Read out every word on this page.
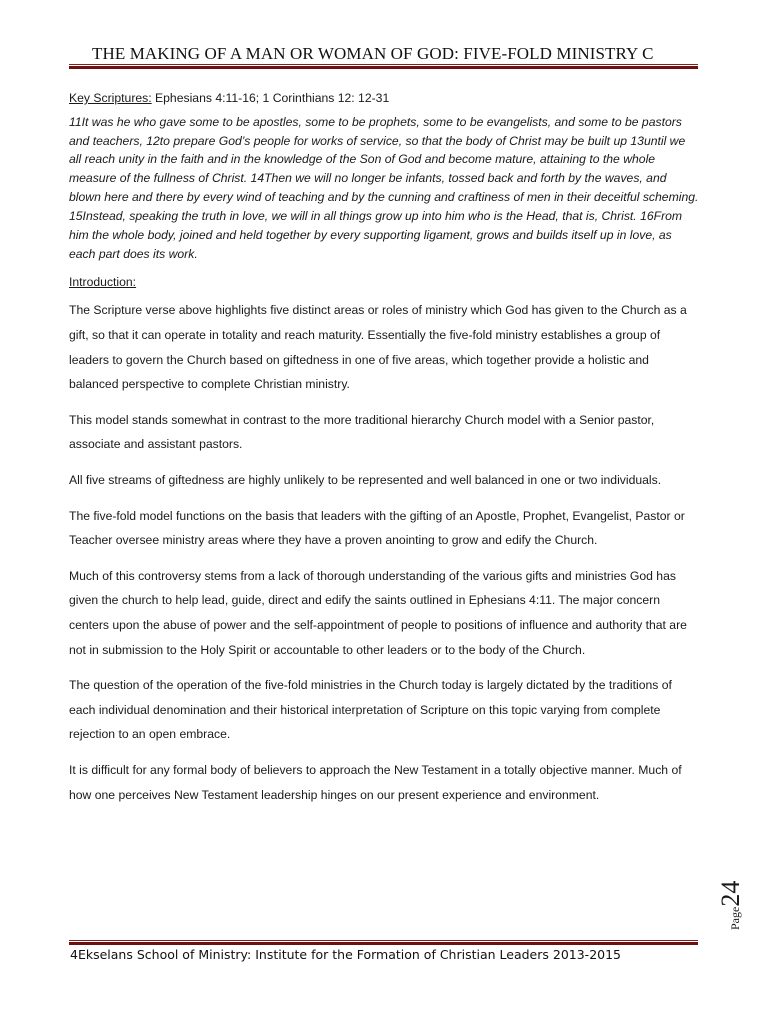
THE MAKING OF A MAN OR WOMAN OF GOD: FIVE-FOLD MINISTRY C

Key Scriptures: Ephesians 4:11-16; 1 Corinthians 12: 12-31

11It was he who gave some to be apostles, some to be prophets, some to be evangelists, and some to be pastors and teachers, 12to prepare God’s people for works of service, so that the body of Christ may be built up 13until we all reach unity in the faith and in the knowledge of the Son of God and become mature, attaining to the whole measure of the fullness of Christ. 14Then we will no longer be infants, tossed back and forth by the waves, and blown here and there by every wind of teaching and by the cunning and craftiness of men in their deceitful scheming. 15Instead, speaking the truth in love, we will in all things grow up into him who is the Head, that is, Christ. 16From him the whole body, joined and held together by every supporting ligament, grows and builds itself up in love, as each part does its work.

Introduction:

The Scripture verse above highlights five distinct areas or roles of ministry which God has given to the Church as a gift, so that it can operate in totality and reach maturity. Essentially the five-fold ministry establishes a group of leaders to govern the Church based on giftedness in one of five areas, which together provide a holistic and balanced perspective to complete Christian ministry.

This model stands somewhat in contrast to the more traditional hierarchy Church model with a Senior pastor, associate and assistant pastors.

All five streams of giftedness are highly unlikely to be represented and well balanced in one or two individuals.

The five-fold model functions on the basis that leaders with the gifting of an Apostle, Prophet, Evangelist, Pastor or Teacher oversee ministry areas where they have a proven anointing to grow and edify the Church.

Much of this controversy stems from a lack of thorough understanding of the various gifts and ministries God has given the church to help lead, guide, direct and edify the saints outlined in Ephesians 4:11. The major concern centers upon the abuse of power and the self-appointment of people to positions of influence and authority that are not in submission to the Holy Spirit or accountable to other leaders or to the body of the Church.

The question of the operation of the five-fold ministries in the Church today is largely dictated by the traditions of each individual denomination and their historical interpretation of Scripture on this topic varying from complete rejection to an open embrace.

It is difficult for any formal body of believers to approach the New Testament in a totally objective manner. Much of how one perceives New Testament leadership hinges on our present experience and environment.

Page24
4Ekselans School of Ministry: Institute for the Formation of Christian Leaders 2013-2015
